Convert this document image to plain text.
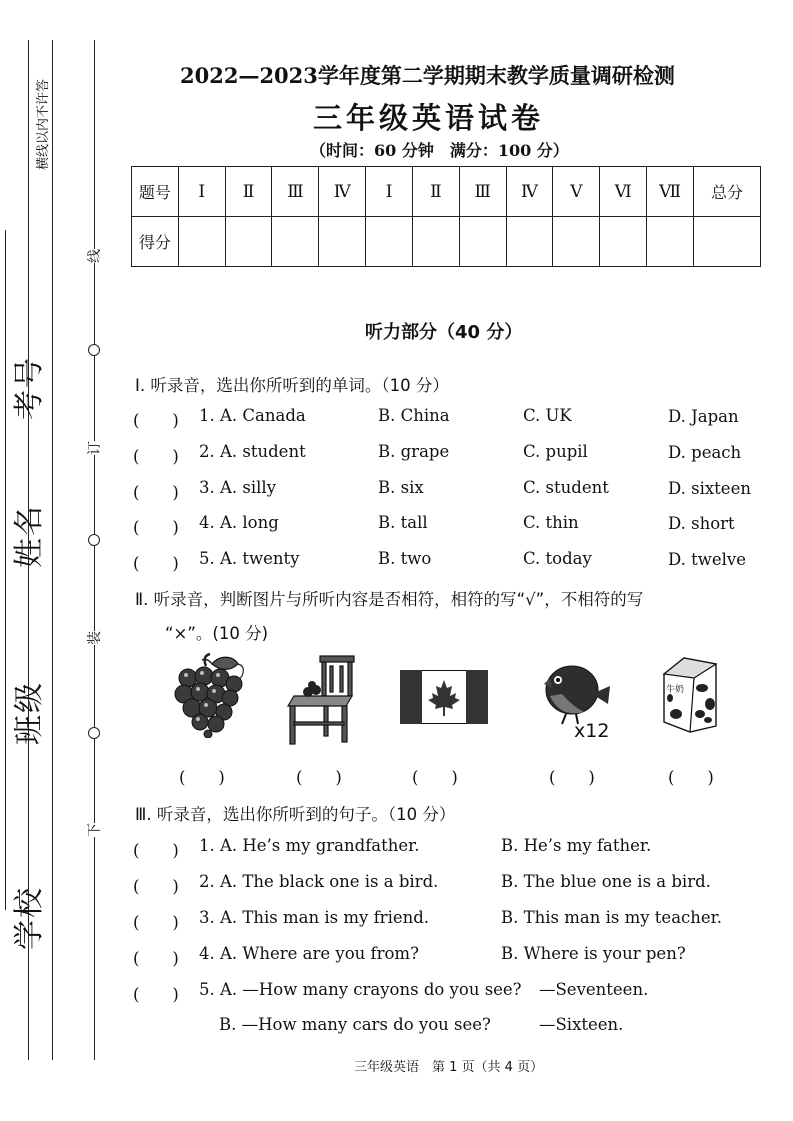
横线以内不许答
学校
班级
姓名
考号
线
订
装
下
2022—2023学年度第二学期期末教学质量调研检测
三年级英语试卷
（时间：60 分钟　满分：100 分）
题号	Ⅰ	Ⅱ	Ⅲ	Ⅳ	Ⅰ	Ⅱ	Ⅲ	Ⅳ	Ⅴ	Ⅵ	Ⅶ	总分
得分												
听力部分（40 分）
Ⅰ. 听录音，选出你所听到的单词。（10 分）
(　　) 1. A. Canada	B. China	C. UK	D. Japan
(　　) 2. A. student	B. grape	C. pupil	D. peach
(　　) 3. A. silly	B. six	C. student	D. sixteen
(　　) 4. A. long	B. tall	C. thin	D. short
(　　) 5. A. twenty	B. two	C. today	D. twelve
Ⅱ. 听录音，判断图片与所听内容是否相符，相符的写“√”，不相符的写
“×”。(10 分)
x12
牛奶
(　　)	(　　)	(　　)	(　　)	(　　)
Ⅲ. 听录音，选出你所听到的句子。（10 分）
(　　) 1. A. He’s my grandfather.	B. He’s my father.
(　　) 2. A. The black one is a bird.	B. The blue one is a bird.
(　　) 3. A. This man is my friend.	B. This man is my teacher.
(　　) 4. A. Where are you from?	B. Where is your pen?
(　　) 5. A. —How many crayons do you see? —Seventeen.
B. —How many cars do you see?	—Sixteen.
三年级英语　第 1 页（共 4 页）
